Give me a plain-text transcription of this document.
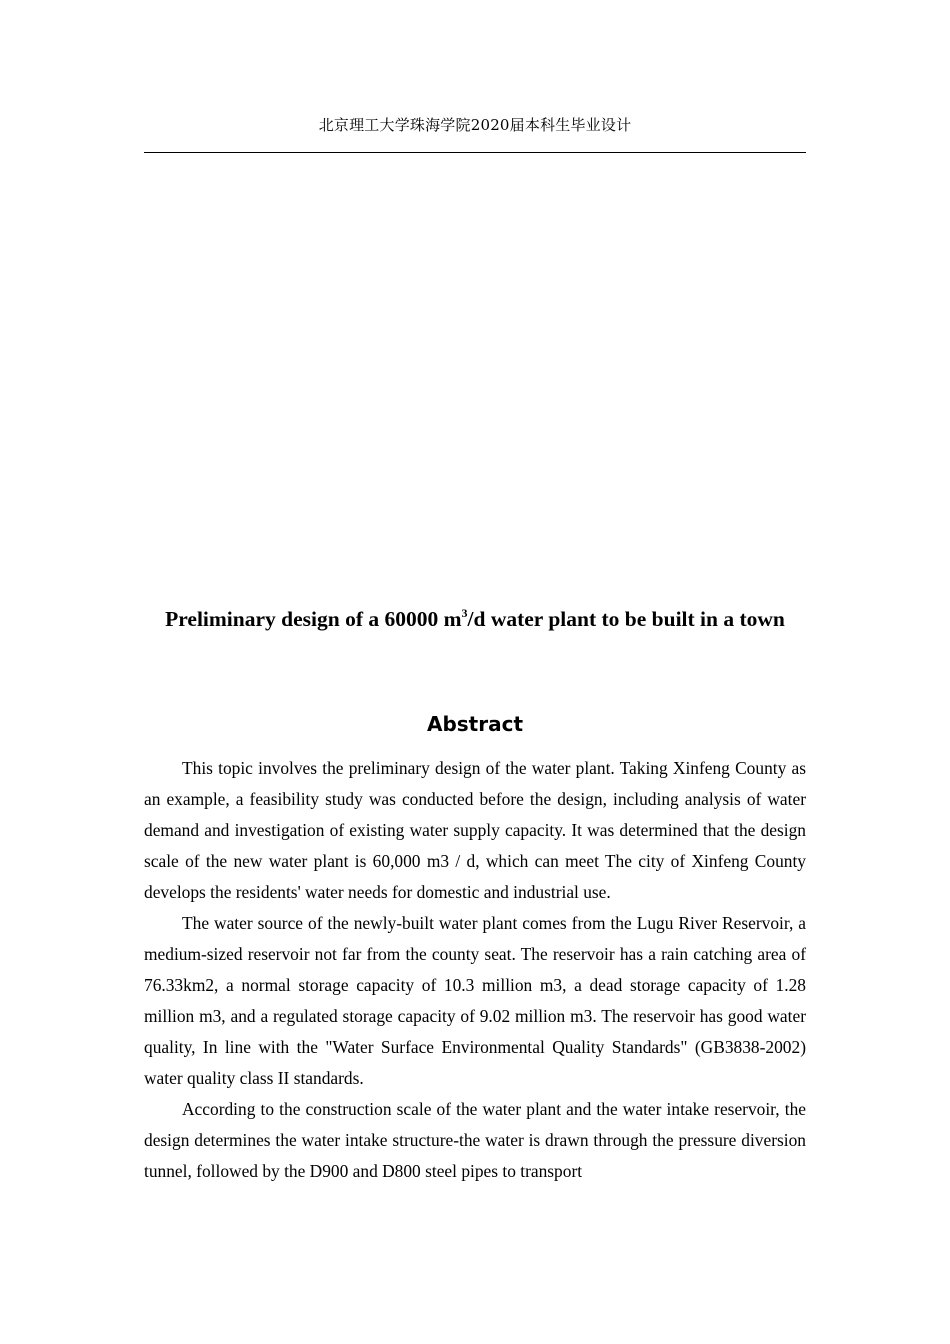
北京理工大学珠海学院2020届本科生毕业设计
Preliminary design of a 60000 $m^3/d$ water plant to be built in a town
Abstract

This topic involves the preliminary design of the water plant. Taking Xinfeng County as an example, a feasibility study was conducted before the design, including analysis of water demand and investigation of existing water supply capacity. It was determined that the design scale of the new water plant is 60,000 m3 / d, which can meet The city of Xinfeng County develops the residents' water needs for domestic and industrial use.

The water source of the newly-built water plant comes from the Lugu River Reservoir, a medium-sized reservoir not far from the county seat. The reservoir has a rain catching area of 76.33km2, a normal storage capacity of 10.3 million m3, a dead storage capacity of 1.28 million m3, and a regulated storage capacity of 9.02 million m3. The reservoir has good water quality, In line with the "Water Surface Environmental Quality Standards" (GB3838-2002) water quality class II standards.

According to the construction scale of the water plant and the water intake reservoir, the design determines the water intake structure-the water is drawn through the pressure diversion tunnel, followed by the D900 and D800 steel pipes to transport
